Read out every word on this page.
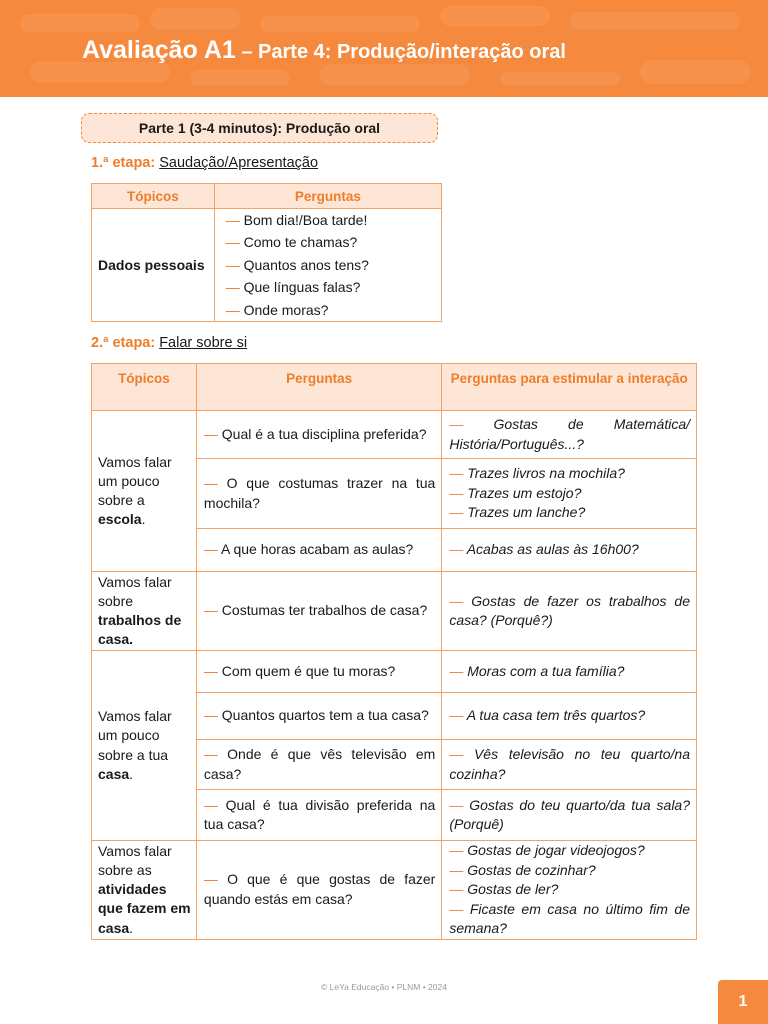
Avaliação A1 – Parte 4: Produção/interação oral
Parte 1 (3-4 minutos): Produção oral
1.ª etapa: Saudação/Apresentação
Tópicos	Perguntas
Dados pessoais	— Bom dia!/Boa tarde!
— Como te chamas?
— Quantos anos tens?
— Que línguas falas?
— Onde moras?
2.ª etapa: Falar sobre si
Tópicos	Perguntas	Perguntas para estimular a interação
Vamos falar um pouco sobre a escola.	— Qual é a tua disciplina preferida?	— Gostas de Matemática/ História/Português...?
	— O que costumas trazer na tua mochila?	— Trazes livros na mochila?
— Trazes um estojo?
— Trazes um lanche?

	— A que horas acabam as aulas?	— Acabas as aulas às 16h00?
Vamos falar sobre trabalhos de casa.	— Costumas ter trabalhos de casa?	— Gostas de fazer os trabalhos de casa? (Porquê?)
Vamos falar um pouco sobre a tua casa.	— Com quem é que tu moras?	— Moras com a tua família?
	— Quantos quartos tem a tua casa?	— A tua casa tem três quartos?
	— Onde é que vês televisão em casa?	— Vês televisão no teu quarto/na cozinha?
	— Qual é tua divisão preferida na tua casa?	— Gostas do teu quarto/da tua sala? (Porquê)
Vamos falar sobre as atividades que fazem em casa.	— O que é que gostas de fazer quando estás em casa?	— Gostas de jogar videojogos?
— Gostas de cozinhar?
— Gostas de ler?
— Ficaste em casa no último fim de semana?
© LeYa Educação • PLNM • 2024
1
